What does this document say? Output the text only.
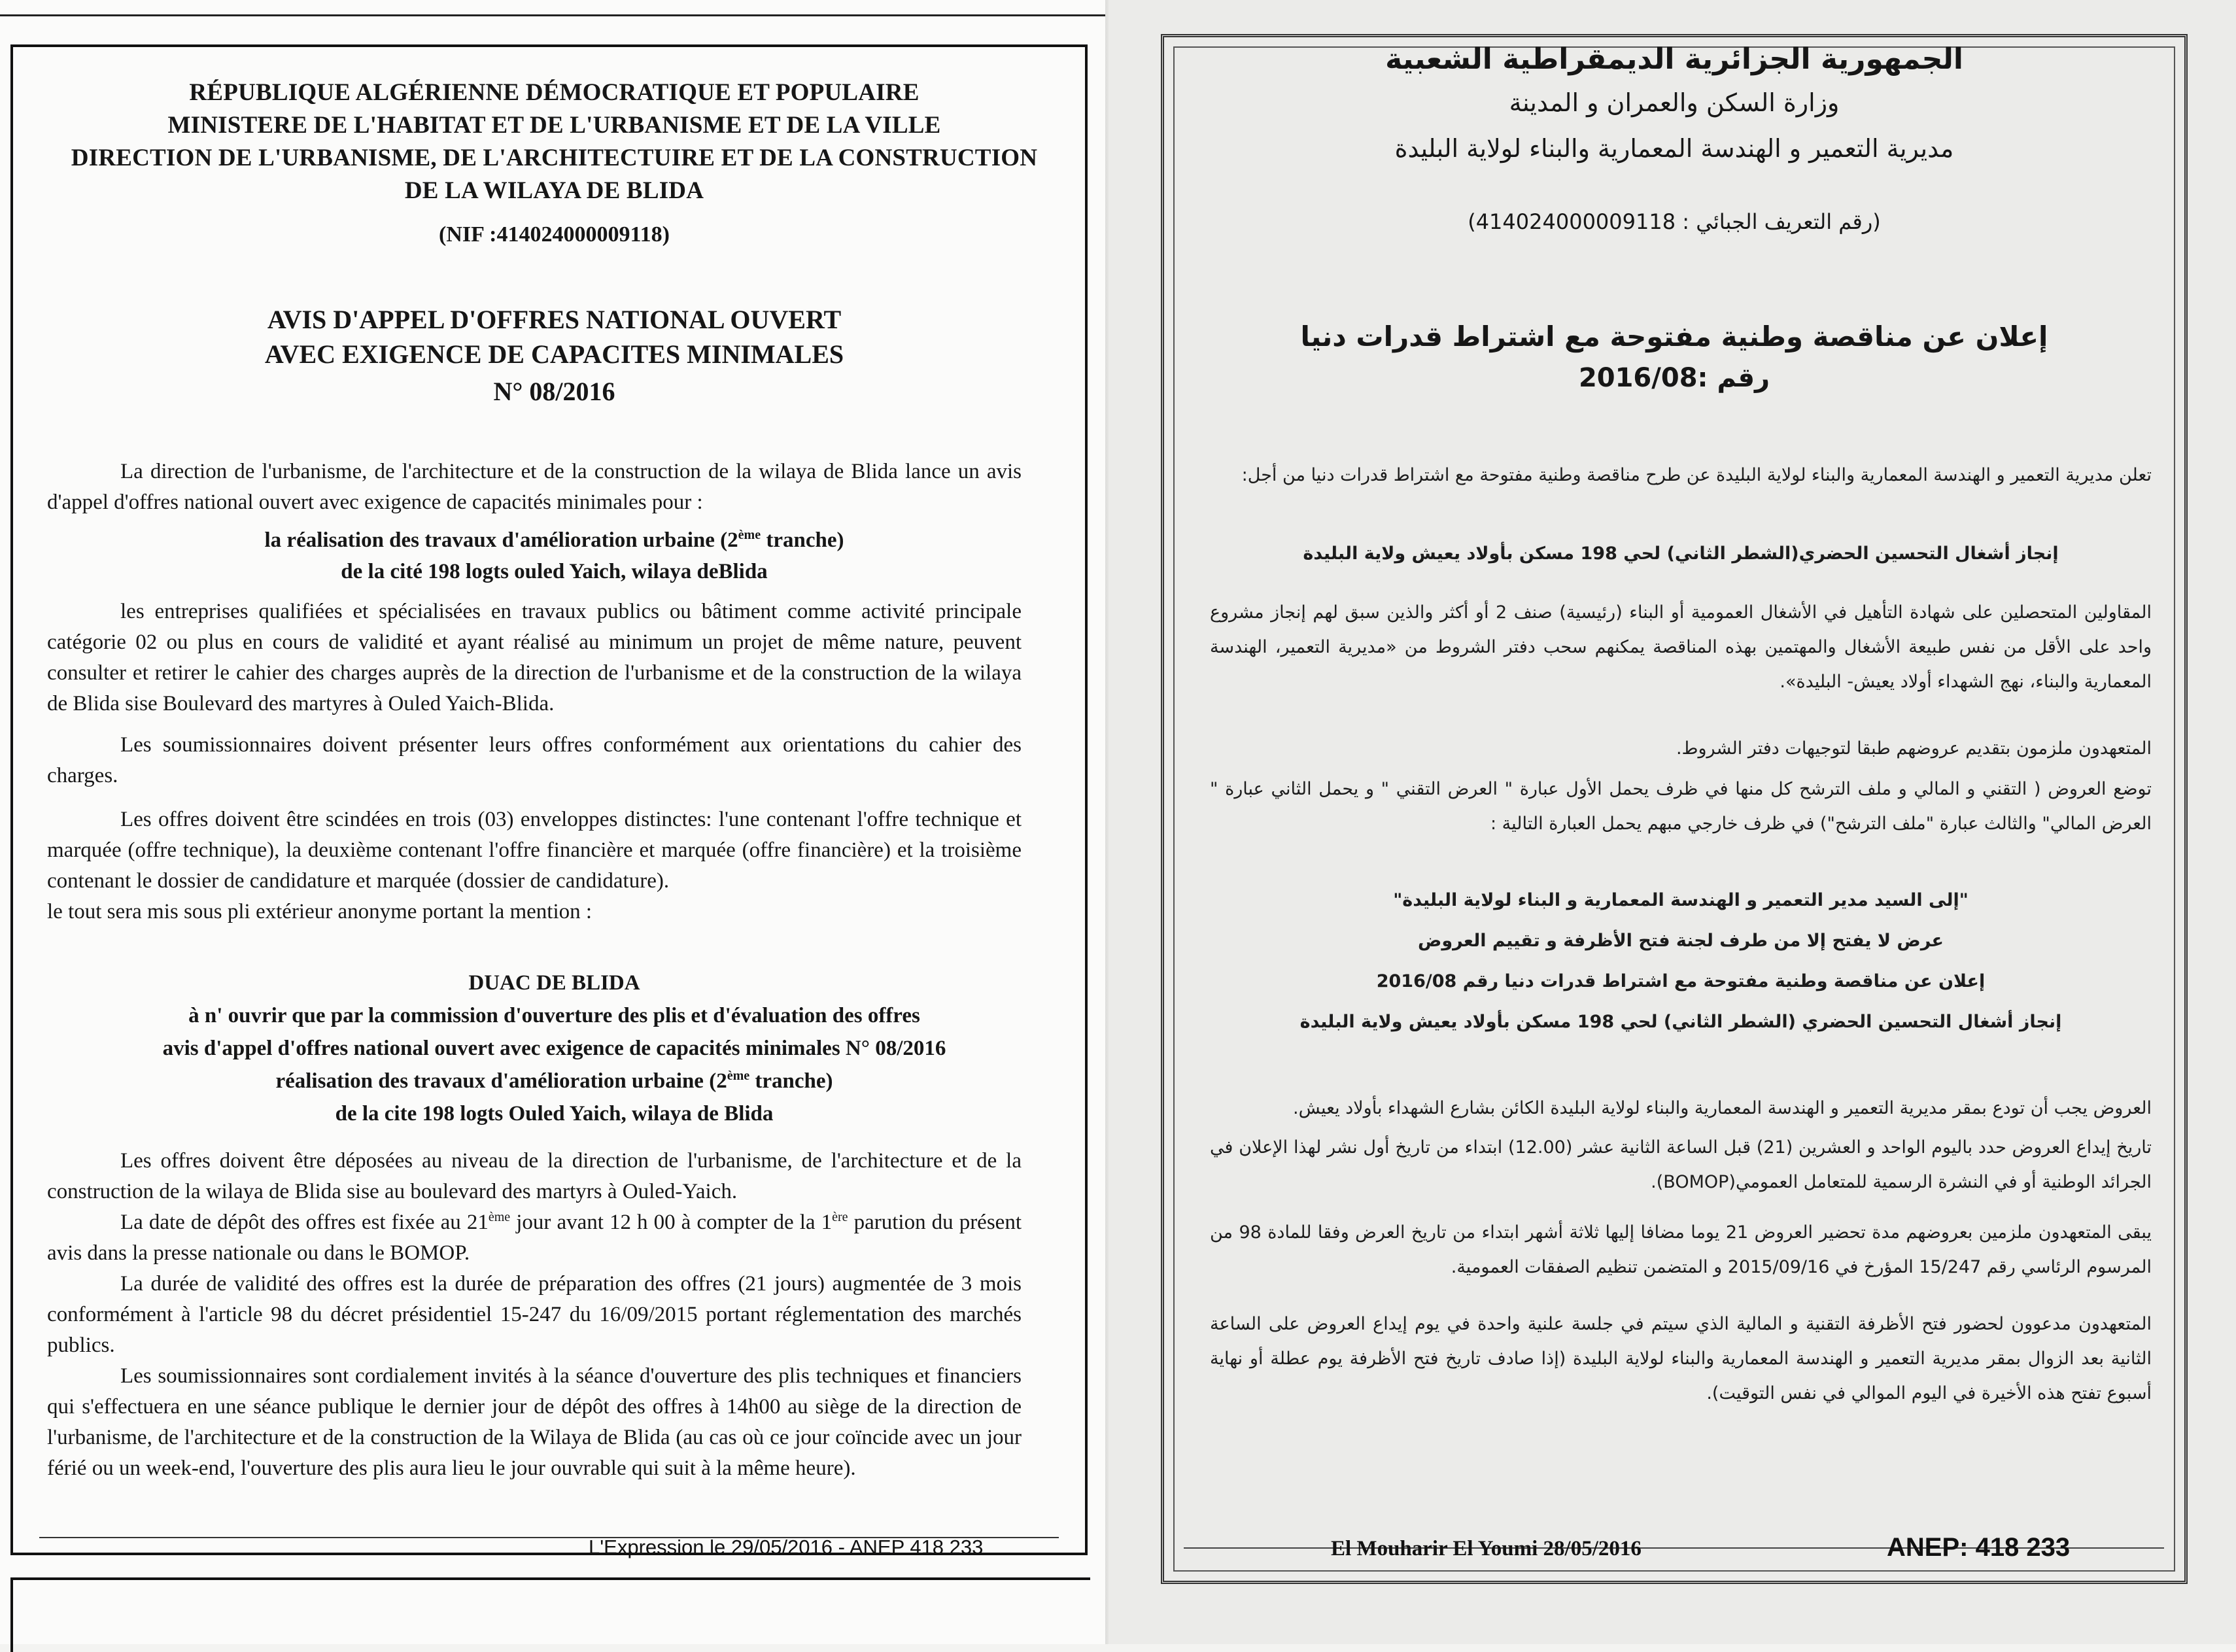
RÉPUBLIQUE ALGÉRIENNE DÉMOCRATIQUE ET POPULAIRE
MINISTERE DE L'HABITAT ET DE L'URBANISME ET DE LA VILLE
DIRECTION DE L'URBANISME, DE L'ARCHITECTUIRE ET DE LA CONSTRUCTION
DE LA WILAYA DE BLIDA
(NIF :414024000009118)
AVIS D'APPEL D'OFFRES NATIONAL OUVERT
AVEC EXIGENCE DE CAPACITES MINIMALES
N° 08/2016
La direction de l'urbanisme, de l'architecture et de la construction de la wilaya de Blida lance un avis d'appel d'offres national ouvert avec exigence de capacités minimales pour :
la réalisation des travaux d'amélioration urbaine (2ème tranche)
de la cité 198 logts ouled Yaich, wilaya deBlida
les entreprises qualifiées et spécialisées en travaux publics ou bâtiment comme activité principale catégorie 02 ou plus en cours de validité et ayant réalisé au minimum un projet de même nature, peuvent consulter et retirer le cahier des charges auprès de la direction de l'urbanisme et de la construction de la wilaya de Blida sise Boulevard des martyres à Ouled Yaich-Blida.
Les soumissionnaires doivent présenter leurs offres conformément aux orientations du cahier des charges.
Les offres doivent être scindées en trois (03) enveloppes distinctes: l'une contenant l'offre technique et marquée (offre technique), la deuxième contenant l'offre financière et marquée (offre financière) et la troisième contenant le dossier de candidature et marquée (dossier de candidature).
le tout sera mis sous pli extérieur anonyme portant la mention :
DUAC DE BLIDA
à n' ouvrir que par la commission d'ouverture des plis et d'évaluation des offres
avis d'appel d'offres national ouvert avec exigence de capacités minimales N° 08/2016
réalisation des travaux d'amélioration urbaine (2ème tranche)
de la cite 198 logts Ouled Yaich, wilaya de Blida
Les offres doivent être déposées au niveau de la direction de l'urbanisme, de l'architecture et de la construction de la wilaya de Blida sise au boulevard des martyrs à Ouled-Yaich.
La date de dépôt des offres est fixée au 21ème jour avant 12 h 00 à compter de la 1ère parution du présent avis dans la presse nationale ou dans le BOMOP.
La durée de validité des offres est la durée de préparation des offres (21 jours) augmentée de 3 mois conformément à l'article 98 du décret présidentiel 15-247 du 16/09/2015 portant réglementation des marchés publics.
Les soumissionnaires sont cordialement invités à la séance d'ouverture des plis techniques et financiers qui s'effectuera en une séance publique le dernier jour de dépôt des offres à 14h00 au siège de la direction de l'urbanisme, de l'architecture et de la construction de la Wilaya de Blida (au cas où ce jour coïncide avec un jour férié ou un week-end, l'ouverture des plis aura lieu le jour ouvrable qui suit à la même heure).
L'Expression le 29/05/2016 - ANEP 418 233
الجمهورية الجزائرية الديمقراطية الشعبية
وزارة السكن والعمران و المدينة
مديرية التعمير و الهندسة المعمارية والبناء لولاية البليدة
(رقم التعريف الجبائي : 414024000009118)
إعلان عن مناقصة وطنية مفتوحة مع اشتراط قدرات دنيا
رقم :2016/08
تعلن مديرية التعمير و الهندسة المعمارية والبناء لولاية البليدة عن طرح مناقصة وطنية مفتوحة مع اشتراط قدرات دنيا من أجل:
إنجاز أشغال التحسين الحضري(الشطر الثاني) لحي 198 مسكن بأولاد يعيش ولاية البليدة
المقاولين المتحصلين على شهادة التأهيل في الأشغال العمومية أو البناء (رئيسية) صنف 2 أو أكثر والذين سبق لهم إنجاز مشروع واحد على الأقل من نفس طبيعة الأشغال والمهتمين بهذه المناقصة يمكنهم سحب دفتر الشروط من «مديرية التعمير، الهندسة المعمارية والبناء، نهج الشهداء أولاد يعيش- البليدة».
المتعهدون ملزمون بتقديم عروضهم طبقا لتوجيهات دفتر الشروط.
توضع العروض ( التقني و المالي و ملف الترشح كل منها في ظرف يحمل الأول عبارة " العرض التقني " و يحمل الثاني عبارة " العرض المالي" والثالث عبارة "ملف الترشح") في ظرف خارجي مبهم يحمل العبارة التالية :
"إلى السيد مدير التعمير و الهندسة المعمارية و البناء لولاية البليدة"
عرض لا يفتح إلا من طرف لجنة فتح الأظرفة و تقييم العروض
إعلان عن مناقصة وطنية مفتوحة مع اشتراط قدرات دنيا رقم 2016/08
إنجاز أشغال التحسين الحضري (الشطر الثاني) لحي 198 مسكن بأولاد يعيش ولاية البليدة
العروض يجب أن تودع بمقر مديرية التعمير و الهندسة المعمارية والبناء لولاية البليدة الكائن بشارع الشهداء بأولاد يعيش.
تاريخ إيداع العروض حدد باليوم الواحد و العشرين (21) قبل الساعة الثانية عشر (12.00) ابتداء من تاريخ أول نشر لهذا الإعلان في الجرائد الوطنية أو في النشرة الرسمية للمتعامل العمومي(BOMOP).
يبقى المتعهدون ملزمين بعروضهم مدة تحضير العروض 21 يوما مضافا إليها ثلاثة أشهر ابتداء من تاريخ العرض وفقا للمادة 98 من المرسوم الرئاسي رقم 15/247 المؤرخ في 2015/09/16 و المتضمن تنظيم الصفقات العمومية.
المتعهدون مدعوون لحضور فتح الأظرفة التقنية و المالية الذي سيتم في جلسة علنية واحدة في يوم إيداع العروض على الساعة الثانية بعد الزوال بمقر مديرية التعمير و الهندسة المعمارية والبناء لولاية البليدة (إذا صادف تاريخ فتح الأظرفة يوم عطلة أو نهاية أسبوع تفتح هذه الأخيرة في اليوم الموالي في نفس التوقيت).
El Mouharir El Youmi 28/05/2016	ANEP: 418 233
